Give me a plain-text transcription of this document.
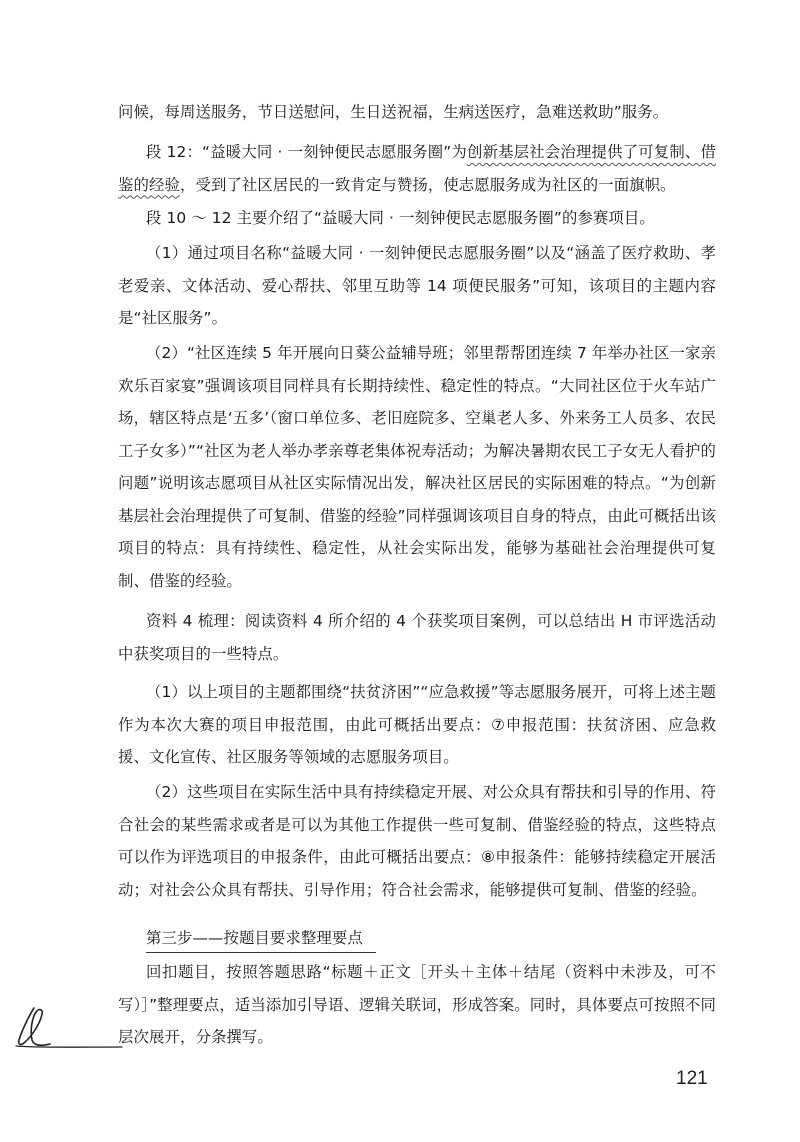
问候，每周送服务，节日送慰问，生日送祝福，生病送医疗，急难送救助”服务。

段 12：“益暖大同 · 一刻钟便民志愿服务圈”为创新基层社会治理提供了可复制、借鉴的经验，受到了社区居民的一致肯定与赞扬，使志愿服务成为社区的一面旗帜。

段 10 ～ 12 主要介绍了“益暖大同 · 一刻钟便民志愿服务圈”的参赛项目。

（1）通过项目名称“益暖大同 · 一刻钟便民志愿服务圈”以及“涵盖了医疗救助、孝老爱亲、文体活动、爱心帮扶、邻里互助等 14 项便民服务”可知，该项目的主题内容是“社区服务”。

（2）“社区连续 5 年开展向日葵公益辅导班；邻里帮帮团连续 7 年举办社区一家亲欢乐百家宴”强调该项目同样具有长期持续性、稳定性的特点。“大同社区位于火车站广场，辖区特点是‘五多’（窗口单位多、老旧庭院多、空巢老人多、外来务工人员多、农民工子女多）”“社区为老人举办孝亲尊老集体祝寿活动；为解决暑期农民工子女无人看护的问题”说明该志愿项目从社区实际情况出发，解决社区居民的实际困难的特点。“为创新基层社会治理提供了可复制、借鉴的经验”同样强调该项目自身的特点，由此可概括出该项目的特点：具有持续性、稳定性，从社会实际出发，能够为基础社会治理提供可复制、借鉴的经验。

资料 4 梳理：阅读资料 4 所介绍的 4 个获奖项目案例，可以总结出 H 市评选活动中获奖项目的一些特点。

（1）以上项目的主题都围绕“扶贫济困”“应急救援”等志愿服务展开，可将上述主题作为本次大赛的项目申报范围，由此可概括出要点：⑦申报范围：扶贫济困、应急救援、文化宣传、社区服务等领域的志愿服务项目。

（2）这些项目在实际生活中具有持续稳定开展、对公众具有帮扶和引导的作用、符合社会的某些需求或者是可以为其他工作提供一些可复制、借鉴经验的特点，这些特点可以作为评选项目的申报条件，由此可概括出要点：⑧申报条件：能够持续稳定开展活动；对社会公众具有帮扶、引导作用；符合社会需求，能够提供可复制、借鉴的经验。

第三步——按题目要求整理要点

回扣题目，按照答题思路“标题＋正文［开头＋主体＋结尾（资料中未涉及，可不写）］”整理要点，适当添加引导语、逻辑关联词，形成答案。同时，具体要点可按照不同层次展开，分条撰写。

121
